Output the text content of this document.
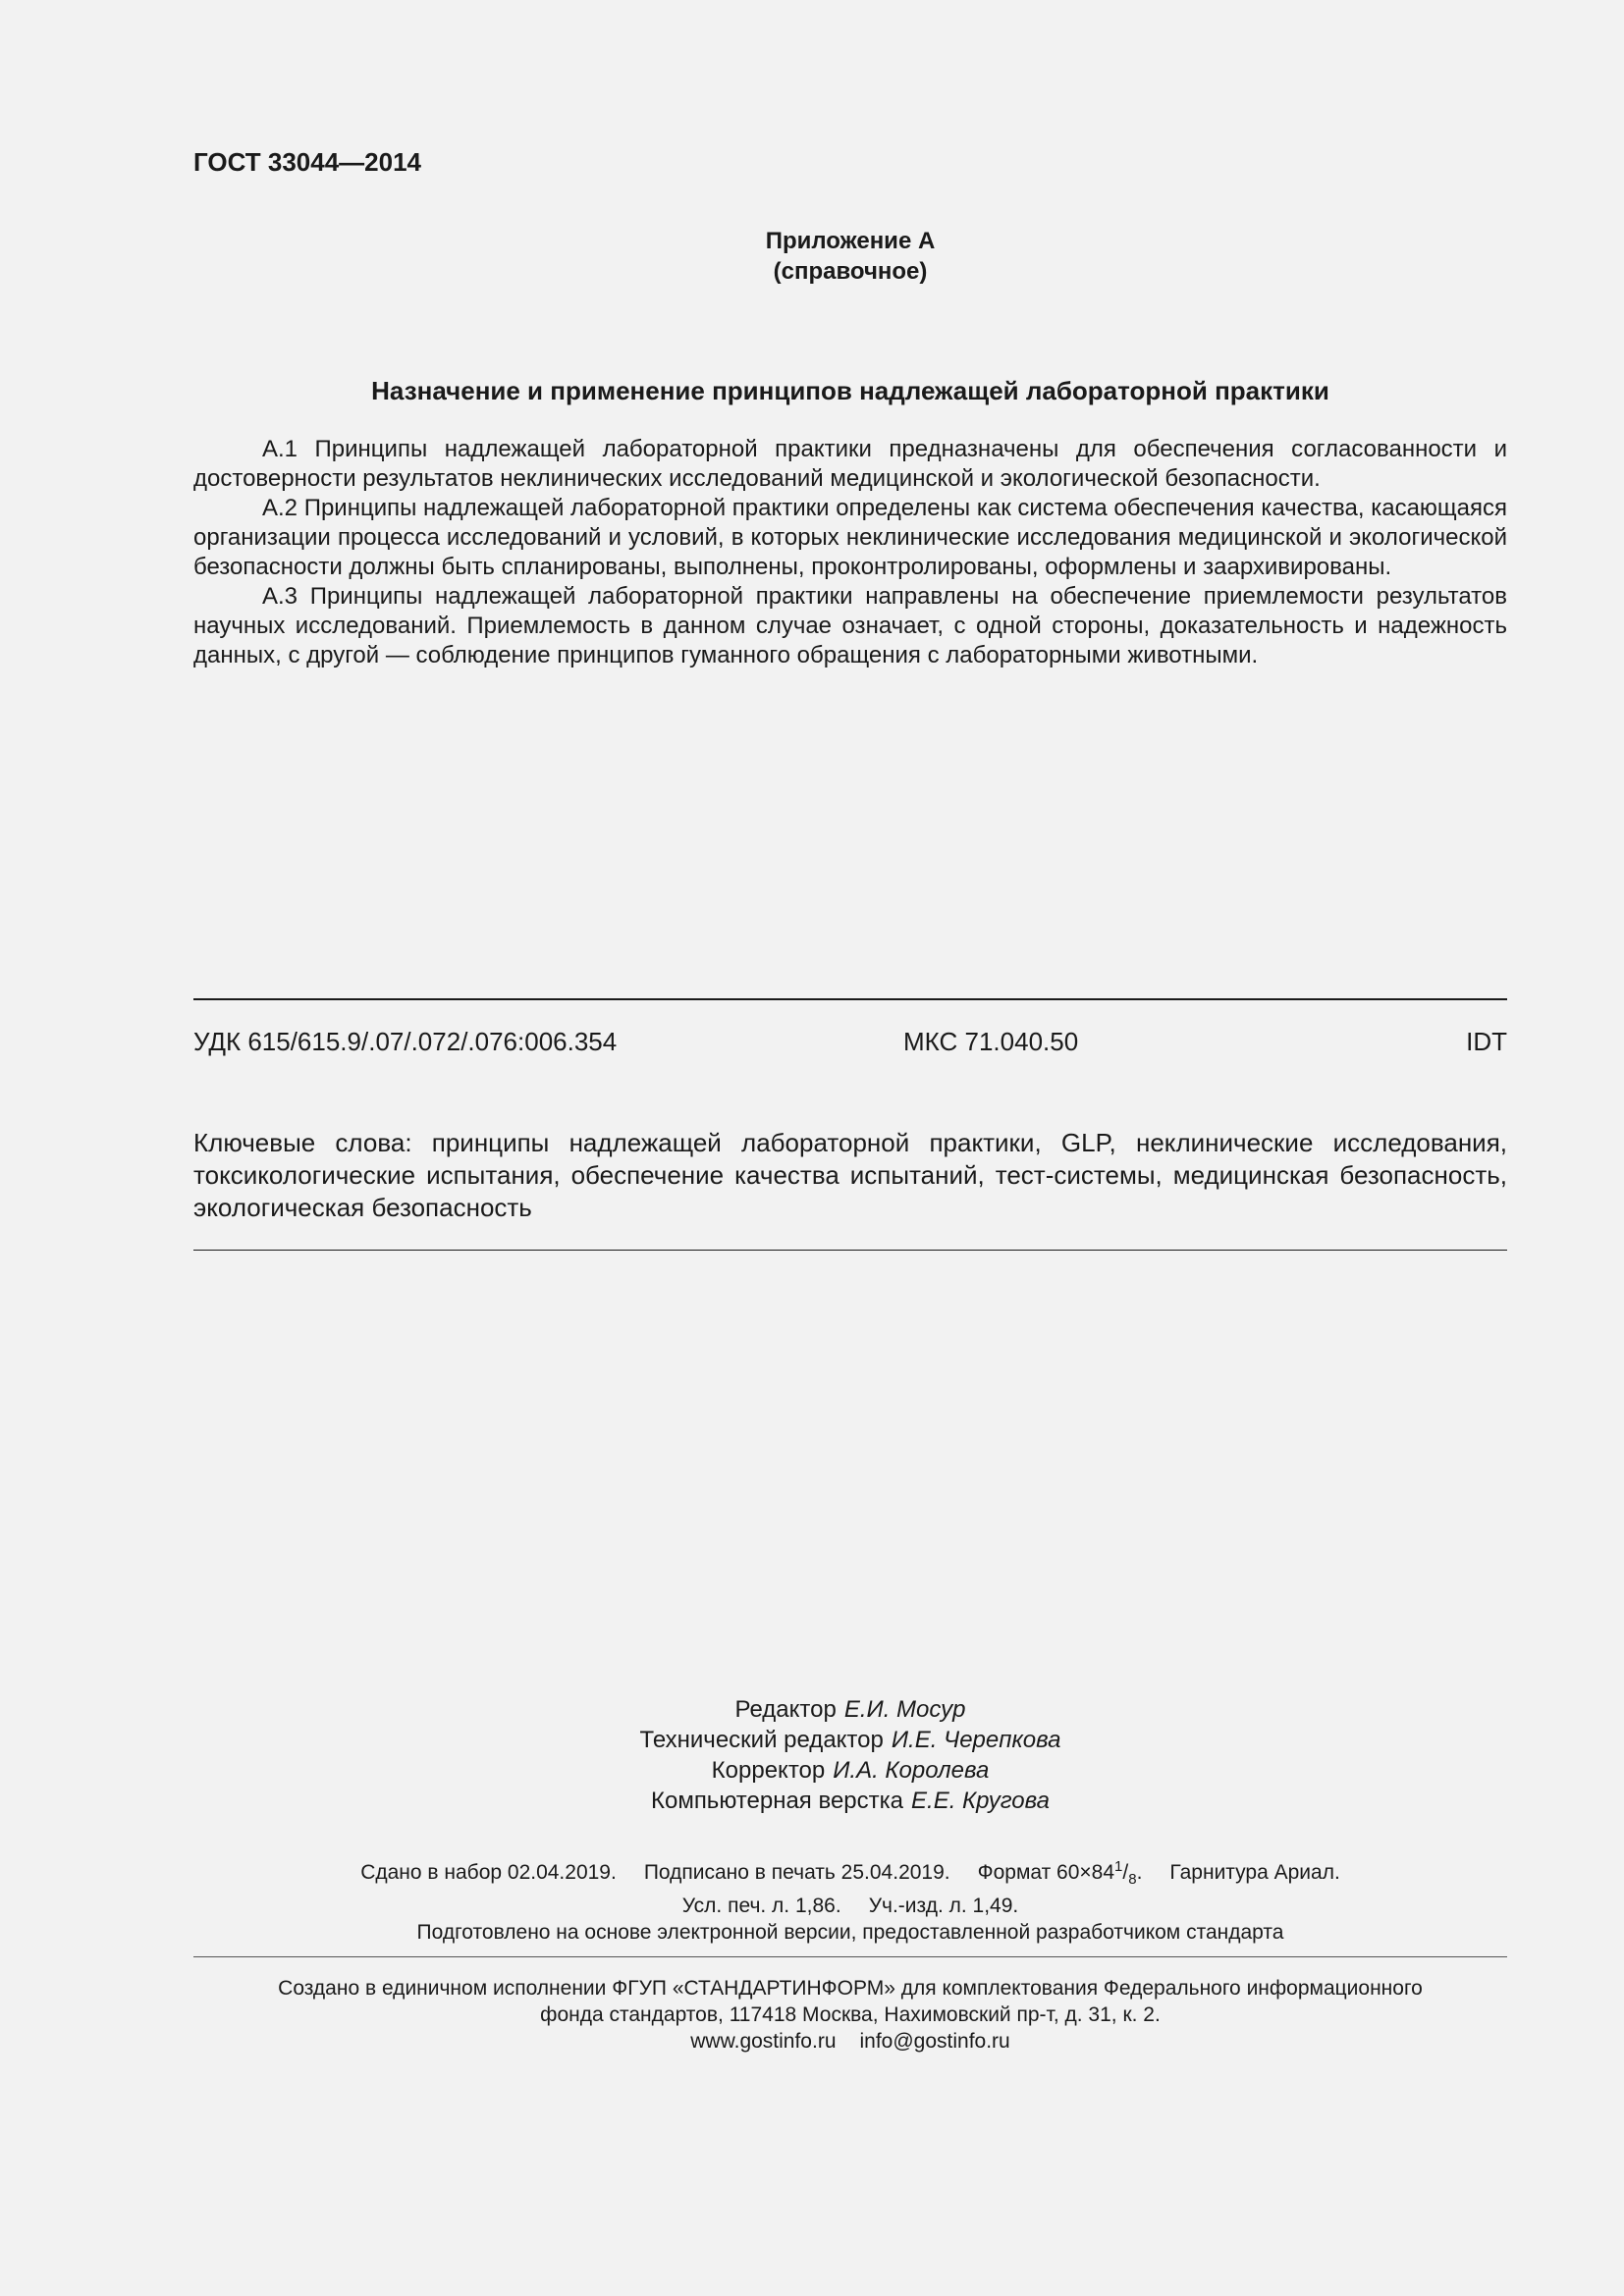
ГОСТ 33044—2014
Приложение А
(справочное)
Назначение и применение принципов надлежащей лабораторной практики

А.1 Принципы надлежащей лабораторной практики предназначены для обеспечения согласованности и достоверности результатов неклинических исследований медицинской и экологической безопасности.

А.2 Принципы надлежащей лабораторной практики определены как система обеспечения качества, касающаяся организации процесса исследований и условий, в которых неклинические исследования медицинской и экологической безопасности должны быть спланированы, выполнены, проконтролированы, оформлены и заархивированы.

А.3 Принципы надлежащей лабораторной практики направлены на обеспечение приемлемости результатов научных исследований. Приемлемость в данном случае означает, с одной стороны, доказательность и надежность данных, с другой — соблюдение принципов гуманного обращения с лабораторными животными.

УДК 615/615.9/.07/.072/.076:006.354	МКС 71.040.50	IDT

Ключевые слова: принципы надлежащей лабораторной практики, GLP, неклинические исследования, токсикологические испытания, обеспечение качества испытаний, тест-системы, медицинская безопасность, экологическая безопасность

Редактор Е.И. Мосур
Технический редактор И.Е. Черепкова
Корректор И.А. Королева
Компьютерная верстка Е.Е. Кругова
Сдано в набор 02.04.2019. Подписано в печать 25.04.2019. Формат $60\times 84^1/_8$. Гарнитура Ариал.
Усл. печ. л. 1,86. Уч.-изд. л. 1,49.
Подготовлено на основе электронной версии, предоставленной разработчиком стандарта
Создано в единичном исполнении ФГУП «СТАНДАРТИНФОРМ» для комплектования Федерального информационного
фонда стандартов, 117418 Москва, Нахимовский пр-т, д. 31, к. 2.
www.gostinfo.ru info@gostinfo.ru
